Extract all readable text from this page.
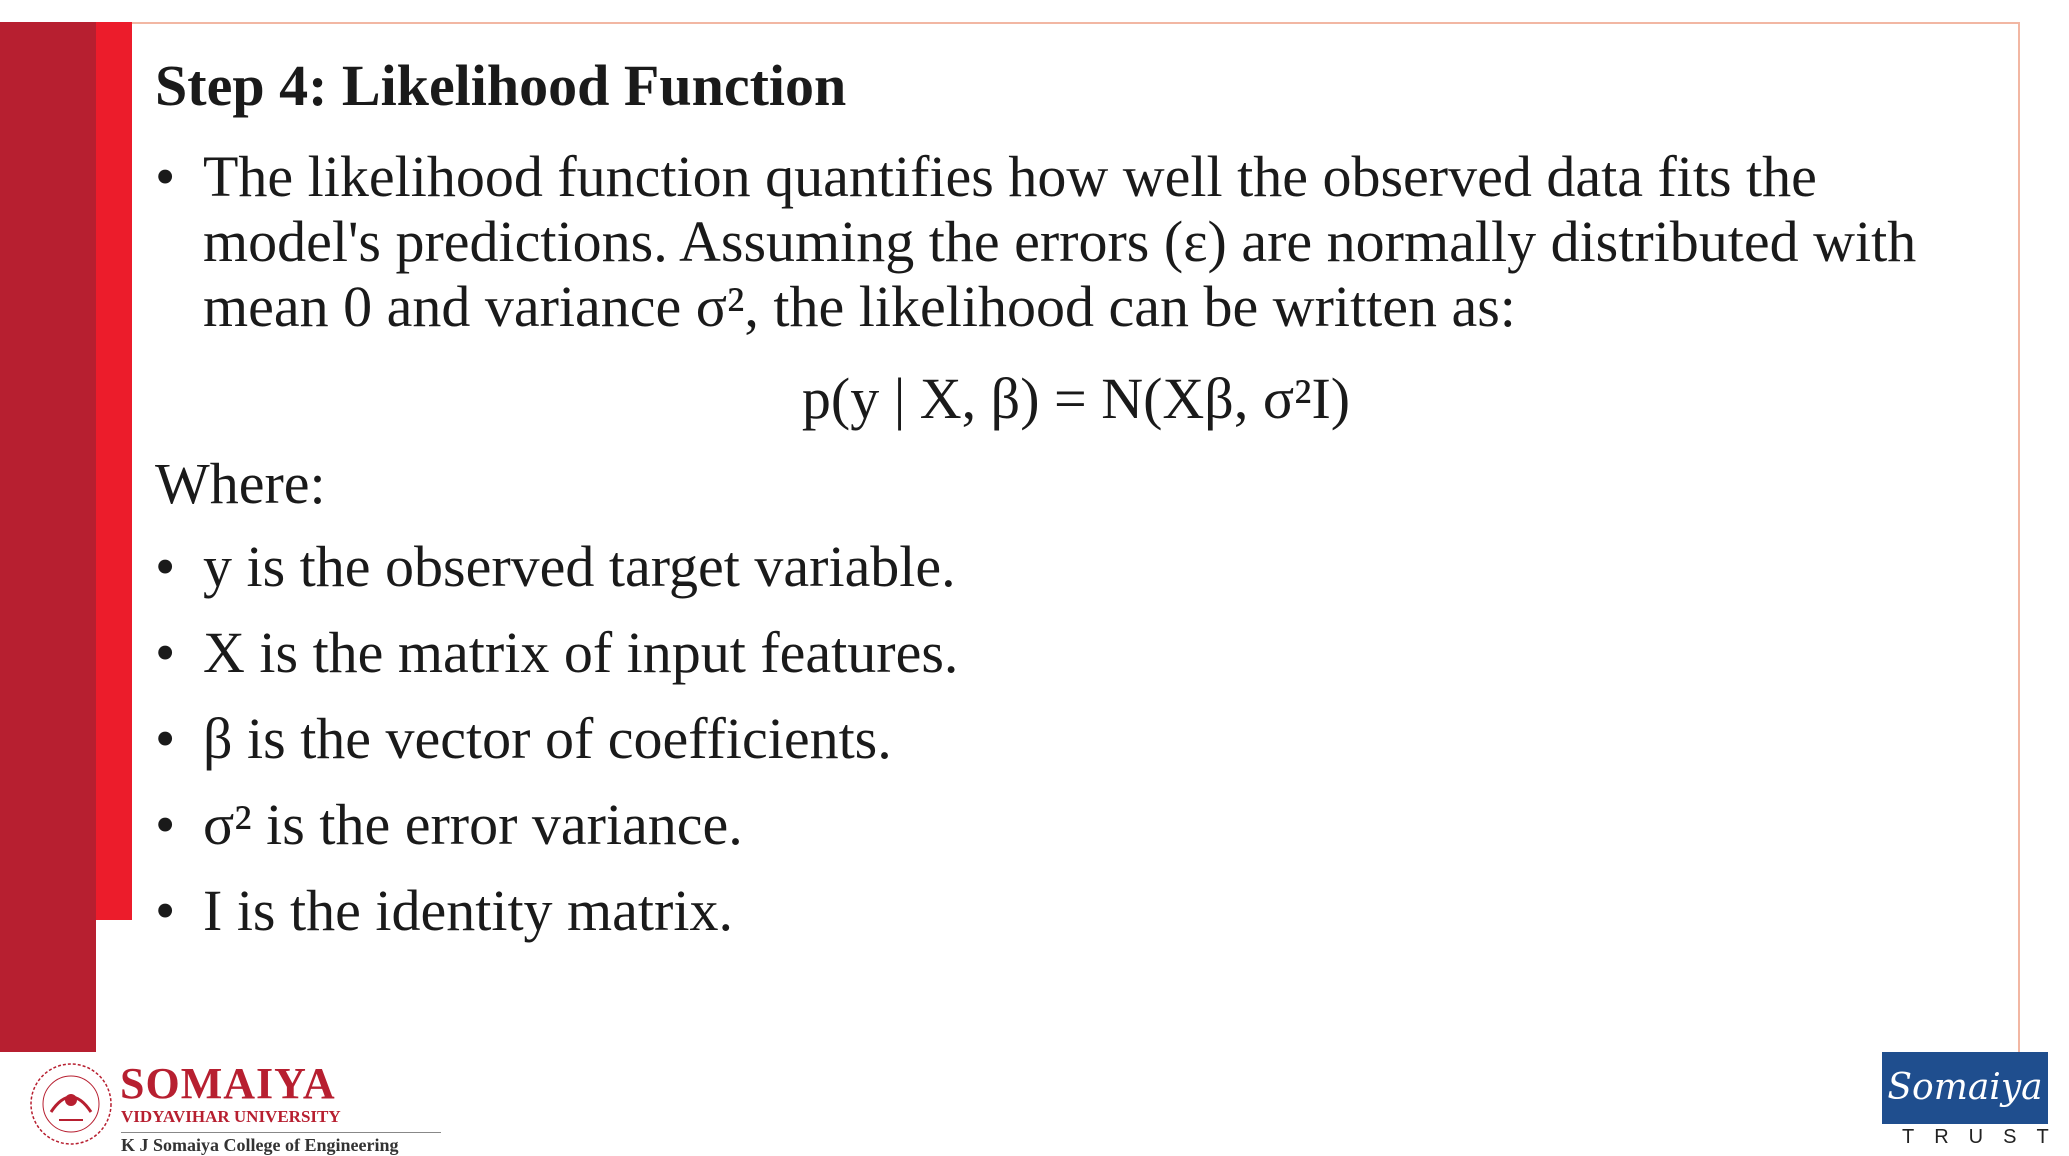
Step 4: Likelihood Function
• The likelihood function quantifies how well the observed data fits the model's predictions. Assuming the errors (ε) are normally distributed with mean 0 and variance σ², the likelihood can be written as:
p(y | X, β) = N(Xβ, σ²I)
Where:
• y is the observed target variable.
• X is the matrix of input features.
• β is the vector of coefficients.
• σ² is the error variance.
• I is the identity matrix.
SOMAIYA
VIDYAVIHAR UNIVERSITY
K J Somaiya College of Engineering
Somaiya
TRUST
